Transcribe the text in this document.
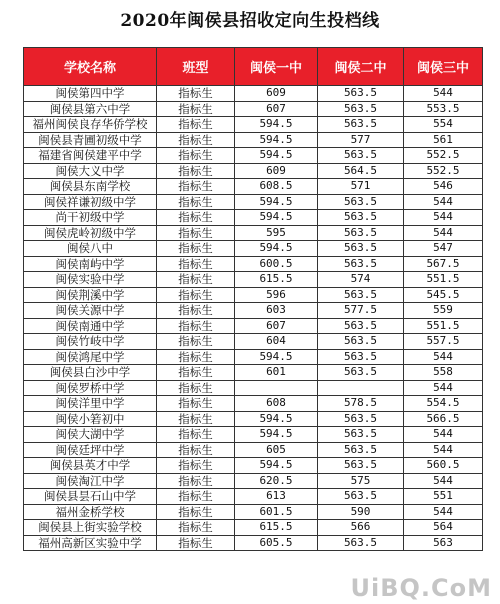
2020年闽侯县招收定向生投档线
学校名称	班型	闽侯一中	闽侯二中	闽侯三中
闽侯第四中学	指标生	609	563.5	544
闽侯县第六中学	指标生	607	563.5	553.5
福州闽侯良存华侨学校	指标生	594.5	563.5	554
闽侯县青圃初级中学	指标生	594.5	577	561
福建省闽侯建平中学	指标生	594.5	563.5	552.5
闽侯大义中学	指标生	609	564.5	552.5
闽侯县东南学校	指标生	608.5	571	546
闽侯祥谦初级中学	指标生	594.5	563.5	544
尚干初级中学	指标生	594.5	563.5	544
闽侯虎岭初级中学	指标生	595	563.5	544
闽侯八中	指标生	594.5	563.5	547
闽侯南屿中学	指标生	600.5	563.5	567.5
闽侯实验中学	指标生	615.5	574	551.5
闽侯荆溪中学	指标生	596	563.5	545.5
闽侯关源中学	指标生	603	577.5	559
闽侯南通中学	指标生	607	563.5	551.5
闽侯竹岐中学	指标生	604	563.5	557.5
闽侯鸿尾中学	指标生	594.5	563.5	544
闽侯县白沙中学	指标生	601	563.5	558
闽侯罗桥中学	指标生			544
闽侯洋里中学	指标生	608	578.5	554.5
闽侯小箬初中	指标生	594.5	563.5	566.5
闽侯大湖中学	指标生	594.5	563.5	544
闽侯廷坪中学	指标生	605	563.5	544
闽侯县英才中学	指标生	594.5	563.5	560.5
闽侯淘江中学	指标生	620.5	575	544
闽侯县昙石山中学	指标生	613	563.5	551
福州金桥学校	指标生	601.5	590	544
闽侯县上街实验学校	指标生	615.5	566	564
福州高新区实验中学	指标生	605.5	563.5	563
UiBQ.CoM
